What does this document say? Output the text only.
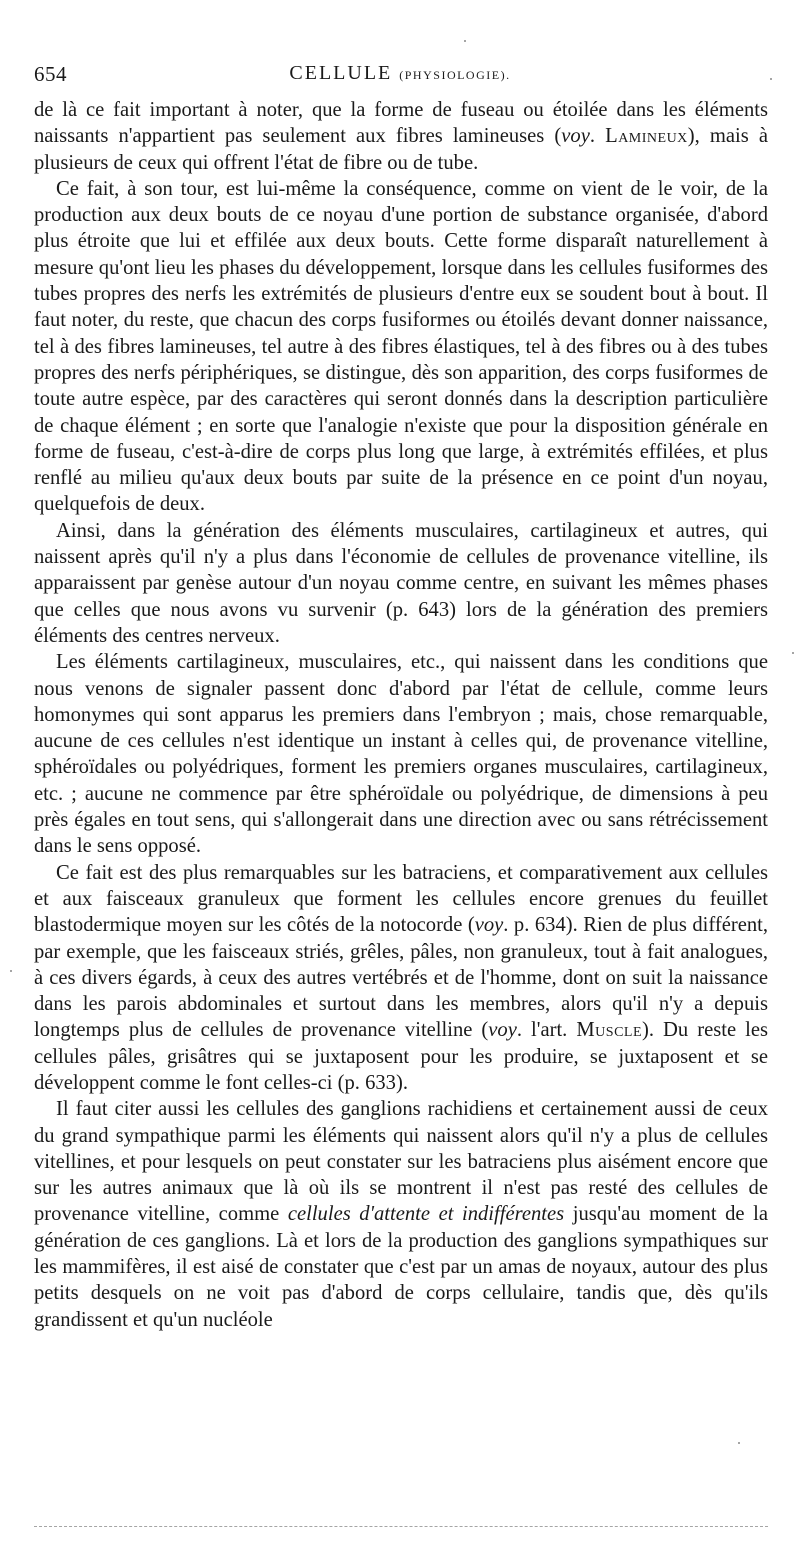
654	CELLULE (PHYSIOLOGIE).

de là ce fait important à noter, que la forme de fuseau ou étoilée dans les éléments naissants n'appartient pas seulement aux fibres lamineuses (voy. Lamineux), mais à plusieurs de ceux qui offrent l'état de fibre ou de tube.

Ce fait, à son tour, est lui-même la conséquence, comme on vient de le voir, de la production aux deux bouts de ce noyau d'une portion de substance organisée, d'abord plus étroite que lui et effilée aux deux bouts. Cette forme disparaît naturellement à mesure qu'ont lieu les phases du développement, lorsque dans les cellules fusiformes des tubes propres des nerfs les extrémités de plusieurs d'entre eux se soudent bout à bout. Il faut noter, du reste, que chacun des corps fusiformes ou étoilés devant donner naissance, tel à des fibres lamineuses, tel autre à des fibres élastiques, tel à des fibres ou à des tubes propres des nerfs périphériques, se distingue, dès son apparition, des corps fusiformes de toute autre espèce, par des caractères qui seront donnés dans la description particulière de chaque élément ; en sorte que l'analogie n'existe que pour la disposition générale en forme de fuseau, c'est-à-dire de corps plus long que large, à extrémités effilées, et plus renflé au milieu qu'aux deux bouts par suite de la présence en ce point d'un noyau, quelquefois de deux.

Ainsi, dans la génération des éléments musculaires, cartilagineux et autres, qui naissent après qu'il n'y a plus dans l'économie de cellules de provenance vitelline, ils apparaissent par genèse autour d'un noyau comme centre, en suivant les mêmes phases que celles que nous avons vu survenir (p. 643) lors de la génération des premiers éléments des centres nerveux.

Les éléments cartilagineux, musculaires, etc., qui naissent dans les conditions que nous venons de signaler passent donc d'abord par l'état de cellule, comme leurs homonymes qui sont apparus les premiers dans l'embryon ; mais, chose remarquable, aucune de ces cellules n'est identique un instant à celles qui, de provenance vitelline, sphéroïdales ou polyédriques, forment les premiers organes musculaires, cartilagineux, etc. ; aucune ne commence par être sphéroïdale ou polyédrique, de dimensions à peu près égales en tout sens, qui s'allongerait dans une direction avec ou sans rétrécissement dans le sens opposé.

Ce fait est des plus remarquables sur les batraciens, et comparativement aux cellules et aux faisceaux granuleux que forment les cellules encore grenues du feuillet blastodermique moyen sur les côtés de la notocorde (voy. p. 634). Rien de plus différent, par exemple, que les faisceaux striés, grêles, pâles, non granuleux, tout à fait analogues, à ces divers égards, à ceux des autres vertébrés et de l'homme, dont on suit la naissance dans les parois abdominales et surtout dans les membres, alors qu'il n'y a depuis longtemps plus de cellules de provenance vitelline (voy. l'art. Muscle). Du reste les cellules pâles, grisâtres qui se juxtaposent pour les produire, se juxtaposent et se développent comme le font celles-ci (p. 633).

Il faut citer aussi les cellules des ganglions rachidiens et certainement aussi de ceux du grand sympathique parmi les éléments qui naissent alors qu'il n'y a plus de cellules vitellines, et pour lesquels on peut constater sur les batraciens plus aisément encore que sur les autres animaux que là où ils se montrent il n'est pas resté des cellules de provenance vitelline, comme cellules d'attente et indifférentes jusqu'au moment de la génération de ces ganglions. Là et lors de la production des ganglions sympathiques sur les mammifères, il est aisé de constater que c'est par un amas de noyaux, autour des plus petits desquels on ne voit pas d'abord de corps cellulaire, tandis que, dès qu'ils grandissent et qu'un nucléole
